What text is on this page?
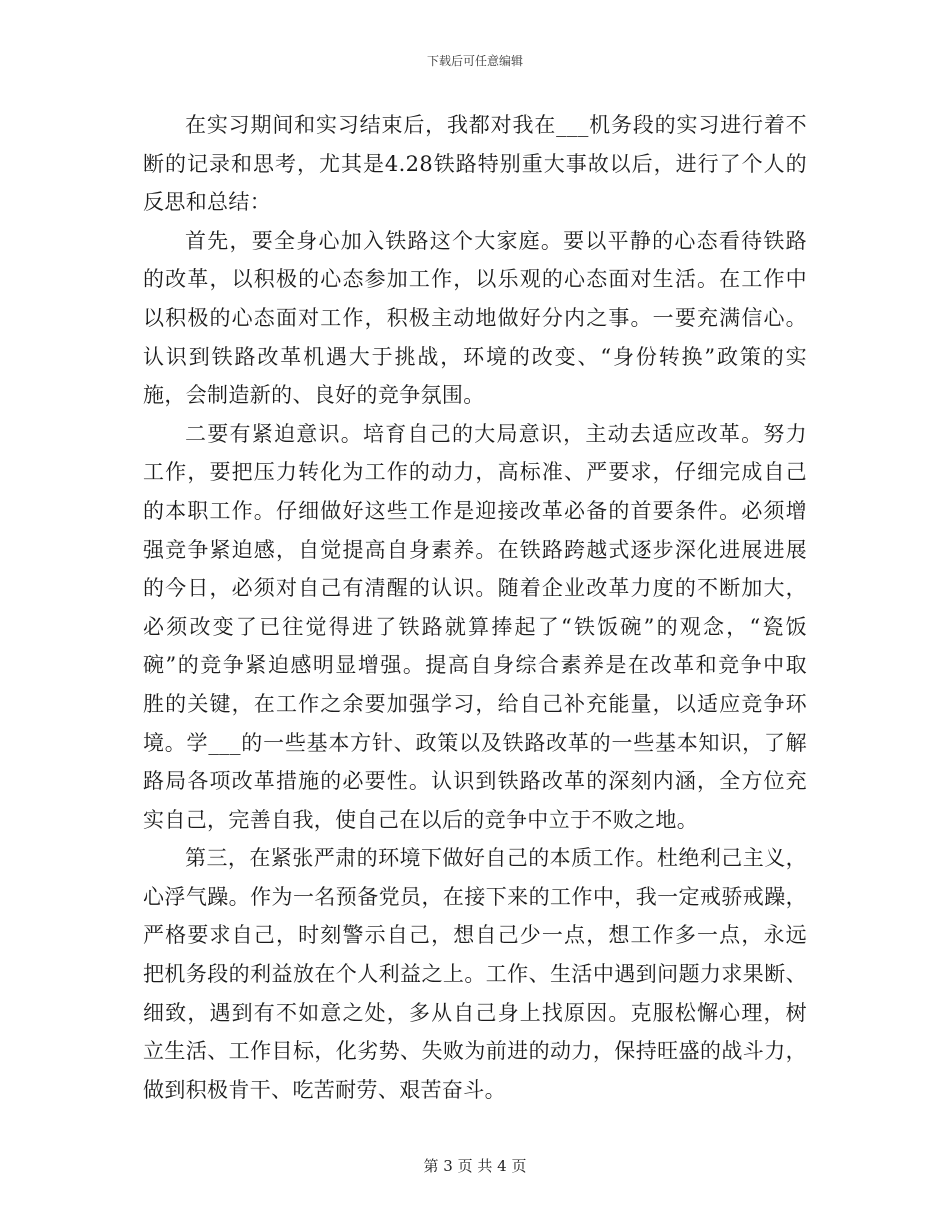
下载后可任意编辑
在实习期间和实习结束后，我都对我在___机务段的实习进行着不
断的记录和思考，尤其是4.28铁路特别重大事故以后，进行了个人的
反思和总结：
首先，要全身心加入铁路这个大家庭。要以平静的心态看待铁路
的改革，以积极的心态参加工作，以乐观的心态面对生活。在工作中
以积极的心态面对工作，积极主动地做好分内之事。一要充满信心。
认识到铁路改革机遇大于挑战，环境的改变、“身份转换”政策的实
施，会制造新的、良好的竞争氛围。
二要有紧迫意识。培育自己的大局意识，主动去适应改革。努力
工作，要把压力转化为工作的动力，高标准、严要求，仔细完成自己
的本职工作。仔细做好这些工作是迎接改革必备的首要条件。必须增
强竞争紧迫感，自觉提高自身素养。在铁路跨越式逐步深化进展进展
的今日，必须对自己有清醒的认识。随着企业改革力度的不断加大，
必须改变了已往觉得进了铁路就算捧起了“铁饭碗”的观念，“瓷饭
碗”的竞争紧迫感明显增强。提高自身综合素养是在改革和竞争中取
胜的关键，在工作之余要加强学习，给自己补充能量，以适应竞争环
境。学___的一些基本方针、政策以及铁路改革的一些基本知识，了解
路局各项改革措施的必要性。认识到铁路改革的深刻内涵，全方位充
实自己，完善自我，使自己在以后的竞争中立于不败之地。
第三，在紧张严肃的环境下做好自己的本质工作。杜绝利己主义，
心浮气躁。作为一名预备党员，在接下来的工作中，我一定戒骄戒躁，
严格要求自己，时刻警示自己，想自己少一点，想工作多一点，永远
把机务段的利益放在个人利益之上。工作、生活中遇到问题力求果断、
细致，遇到有不如意之处，多从自己身上找原因。克服松懈心理，树
立生活、工作目标，化劣势、失败为前进的动力，保持旺盛的战斗力，
做到积极肯干、吃苦耐劳、艰苦奋斗。
第 3 页 共 4 页
